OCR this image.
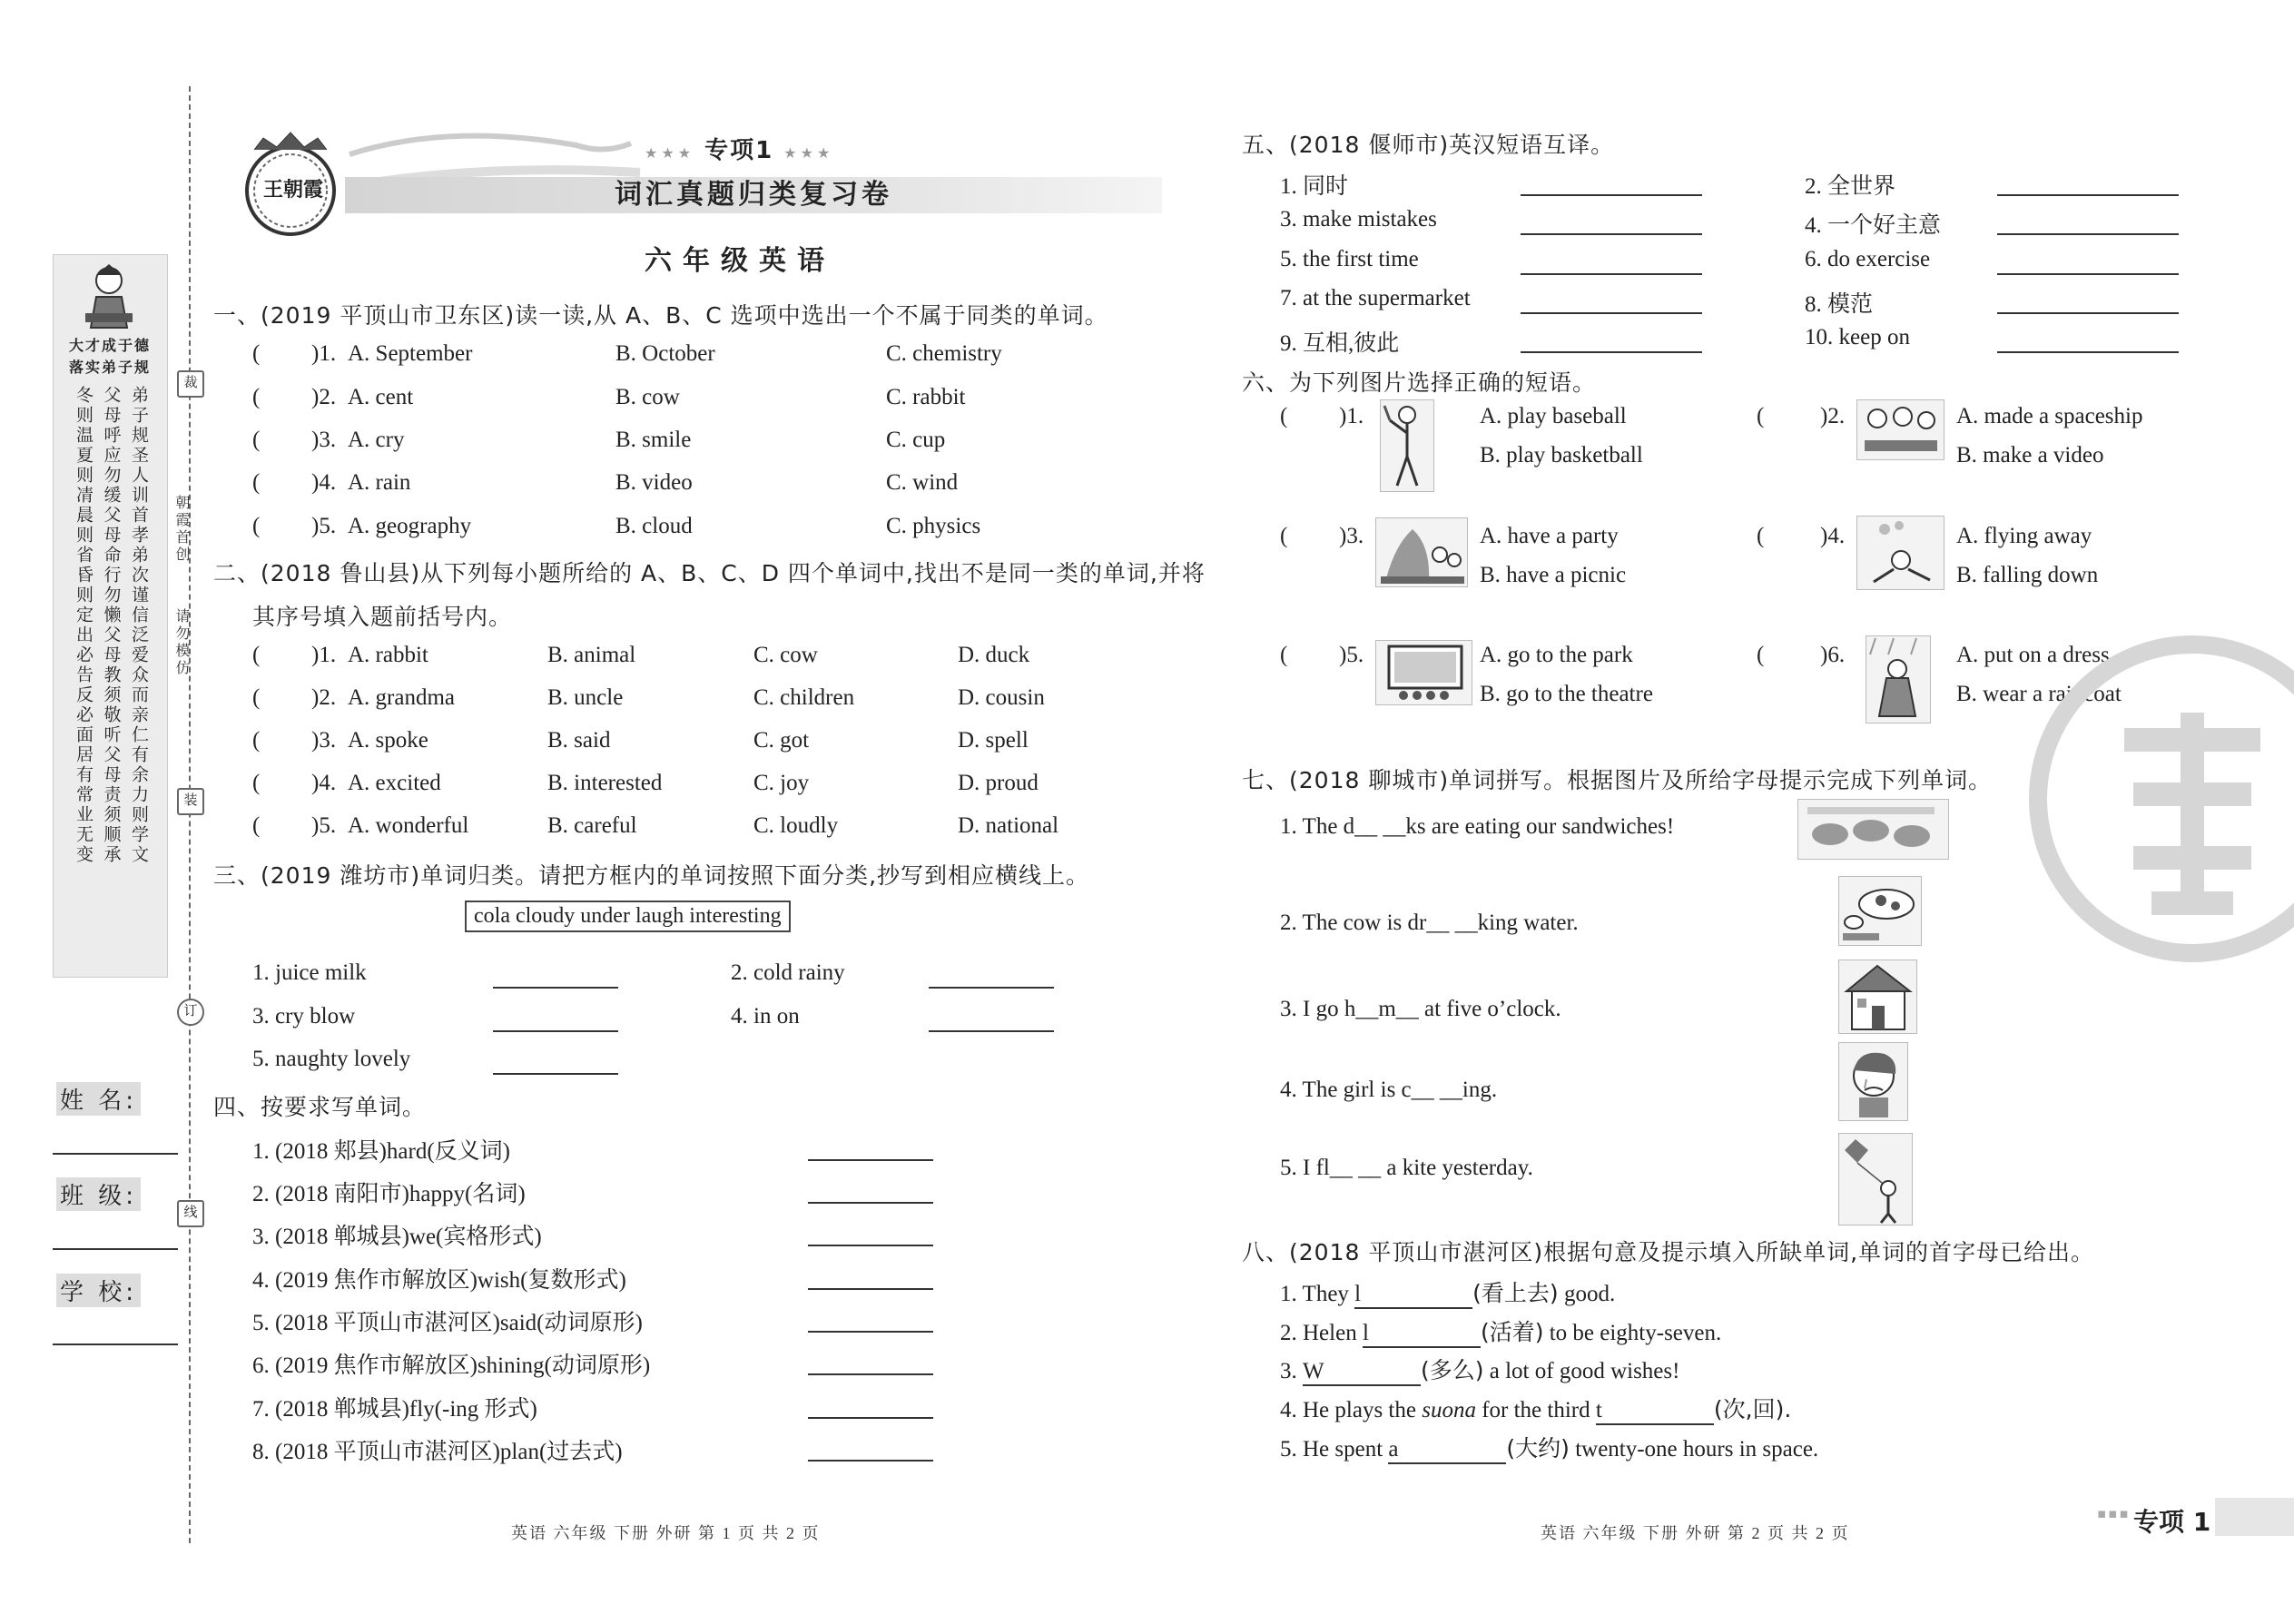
裁
订
装
线
朝霞首创
请勿模仿
大才成于德
落实弟子规
弟子规圣人训首孝弟次谨信泛爱众而亲仁有余力则学文
父母呼应勿缓父母命行勿懒父母教须敬听父母责须顺承
冬则温夏则凊晨则省昏则定出必告反必面居有常业无变
姓 名:
班 级:
学 校:
王朝霞
★★★ 专项1 ★★★
词汇真题归类复习卷
六年级英语
一、(2019 平顶山市卫东区)读一读,从 A、B、C 选项中选出一个不属于同类的单词。
( )1. A. September	B. October	C. chemistry
( )2. A. cent	B. cow	C. rabbit
( )3. A. cry	B. smile	C. cup
( )4. A. rain	B. video	C. wind
( )5. A. geography	B. cloud	C. physics
二、(2018 鲁山县)从下列每小题所给的 A、B、C、D 四个单词中,找出不是同一类的单词,并将
其序号填入题前括号内。
( )1. A. rabbit	B. animal	C. cow	D. duck
( )2. A. grandma	B. uncle	C. children	D. cousin
( )3. A. spoke	B. said	C. got	D. spell
( )4. A. excited	B. interested	C. joy	D. proud
( )5. A. wonderful	B. careful	C. loudly	D. national
三、(2019 潍坊市)单词归类。请把方框内的单词按照下面分类,抄写到相应横线上。
cola cloudy under laugh interesting
1. juice milk	2. cold rainy
3. cry blow	4. in on
5. naughty lovely
四、按要求写单词。
1. (2018 郏县)hard(反义词)
2. (2018 南阳市)happy(名词)
3. (2018 郸城县)we(宾格形式)
4. (2019 焦作市解放区)wish(复数形式)
5. (2018 平顶山市湛河区)said(动词原形)
6. (2019 焦作市解放区)shining(动词原形)
7. (2018 郸城县)fly(-ing 形式)
8. (2018 平顶山市湛河区)plan(过去式)
英语 六年级 下册 外研 第 1 页 共 2 页
五、(2018 偃师市)英汉短语互译。
1. 同时	2. 全世界
3. make mistakes	4. 一个好主意
5. the first time	6. do exercise
7. at the supermarket	8. 模范
9. 互相,彼此	10. keep on
六、为下列图片选择正确的短语。
( )1.	A. play baseball
B. play basketball
( )2.	A. made a spaceship
B. make a video
( )3.	A. have a party
B. have a picnic
( )4.	A. flying away
B. falling down
( )5.	A. go to the park
B. go to the theatre
( )6.	A. put on a dress
B. wear a raincoat
七、(2018 聊城市)单词拼写。根据图片及所给字母提示完成下列单词。
1. The d__ __ks are eating our sandwiches!
2. The cow is dr__ __king water.
3. I go h__m__ at five o’clock.
4. The girl is c__ __ing.
5. I fl__ __ a kite yesterday.
八、(2018 平顶山市湛河区)根据句意及提示填入所缺单词,单词的首字母已给出。
1. They l	(看上去) good.
2. Helen l	(活着) to be eighty-seven.
3. W	(多么) a lot of good wishes!
4. He plays the suona for the third t	(次,回).
5. He spent a	(大约) twenty-one hours in space.
英语 六年级 下册 外研 第 2 页 共 2 页
▪▪▪ 专项 1
